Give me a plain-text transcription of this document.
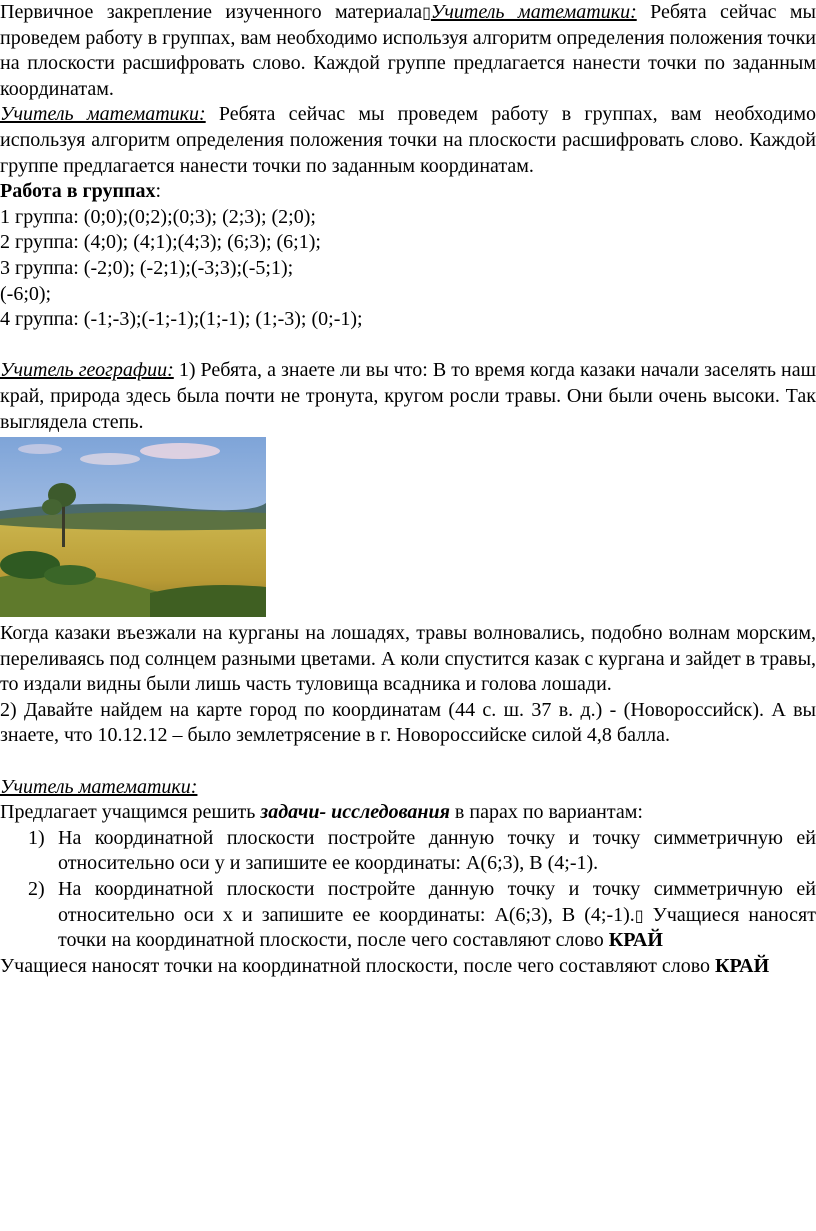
Первичное закрепление изученного материала▯Учитель математики: Ребята сейчас мы проведем работу в группах, вам необходимо используя алгоритм определения положения точки на плоскости расшифровать слово. Каждой группе предлагается нанести точки по заданным координатам.

Учитель математики: Ребята сейчас мы проведем работу в группах, вам необходимо используя алгоритм определения положения точки на плоскости расшифровать слово. Каждой группе предлагается нанести точки по заданным координатам.

Работа в группах:

1 группа: (0;0);(0;2);(0;3); (2;3); (2;0);

2 группа: (4;0); (4;1);(4;3); (6;3); (6;1);

3 группа: (-2;0); (-2;1);(-3;3);(-5;1);

(-6;0);

4 группа: (-1;-3);(-1;-1);(1;-1); (1;-3); (0;-1);

Учитель географии: 1) Ребята, а знаете ли вы что: В то время когда казаки начали заселять наш край, природа здесь была почти не тронута, кругом росли травы. Они были очень высоки. Так выглядела степь.

Когда казаки въезжали на курганы на лошадях, травы волновались, подобно волнам морским, переливаясь под солнцем разными цветами. А коли спустится казак с кургана и зайдет в травы, то издали видны были лишь часть туловища всадника и голова лошади.

2) Давайте найдем на карте город по координатам (44 с. ш. 37 в. д.) - (Новороссийск). А вы знаете, что 10.12.12 – было землетрясение в г. Новороссийске силой 4,8 балла.

Учитель математики:

Предлагает учащимся решить задачи- исследования в парах по вариантам:

1) На координатной плоскости постройте данную точку и точку симметричную ей относительно оси у и запишите ее координаты: А(6;3), В (4;-1).
2) На координатной плоскости постройте данную точку и точку симметричную ей относительно оси х и запишите ее координаты: А(6;3), В (4;-1).▯ Учащиеся наносят точки на координатной плоскости, после чего составляют слово КРАЙ

Учащиеся наносят точки на координатной плоскости, после чего составляют слово КРАЙ
